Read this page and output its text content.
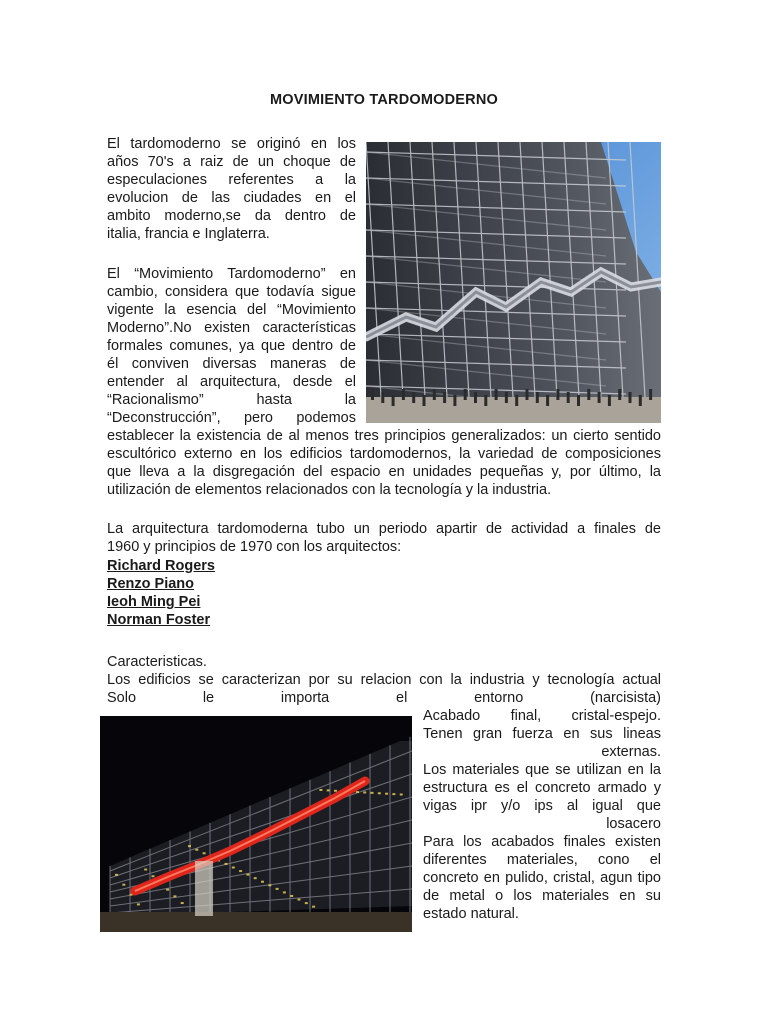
MOVIMIENTO TARDOMODERNO
El tardomoderno se originó en los
años 70's a raiz de un choque de
especulaciones referentes a la
evolucion de las ciudades en el
ambito moderno,se da dentro de
italia, francia e Inglaterra.
El “Movimiento Tardomoderno” en
cambio, considera que todavía sigue
vigente la esencia del “Movimiento
Moderno”.No existen características
formales comunes, ya que dentro de
él conviven diversas maneras de
entender al arquitectura, desde el
“Racionalismo” hasta la
“Deconstrucción”, pero podemos
establecer la existencia de al menos tres principios generalizados: un cierto sentido
escultórico externo en los edificios tardomodernos, la variedad de composiciones
que lleva a la disgregación del espacio en unidades pequeñas y, por último, la
utilización de elementos relacionados con la tecnología y la industria.
La arquitectura tardomoderna tubo un periodo apartir de actividad a finales de
1960 y principios de 1970 con los arquitectos:
Richard Rogers
Renzo Piano
Ieoh Ming Pei
Norman Foster
Caracteristicas.
Los edificios se caracterizan por su relacion con la industria y tecnología actual
Solo le importa el entorno (narcisista)
Acabado final, cristal-espejo.
Tenen gran fuerza en sus lineas
externas.
Los materiales que se utilizan en la
estructura es el concreto armado y
vigas ipr y/o ips al igual que
losacero
Para los acabados finales existen
diferentes materiales, cono el
concreto en pulido, cristal, agun tipo
de metal o los materiales en su
estado natural.
